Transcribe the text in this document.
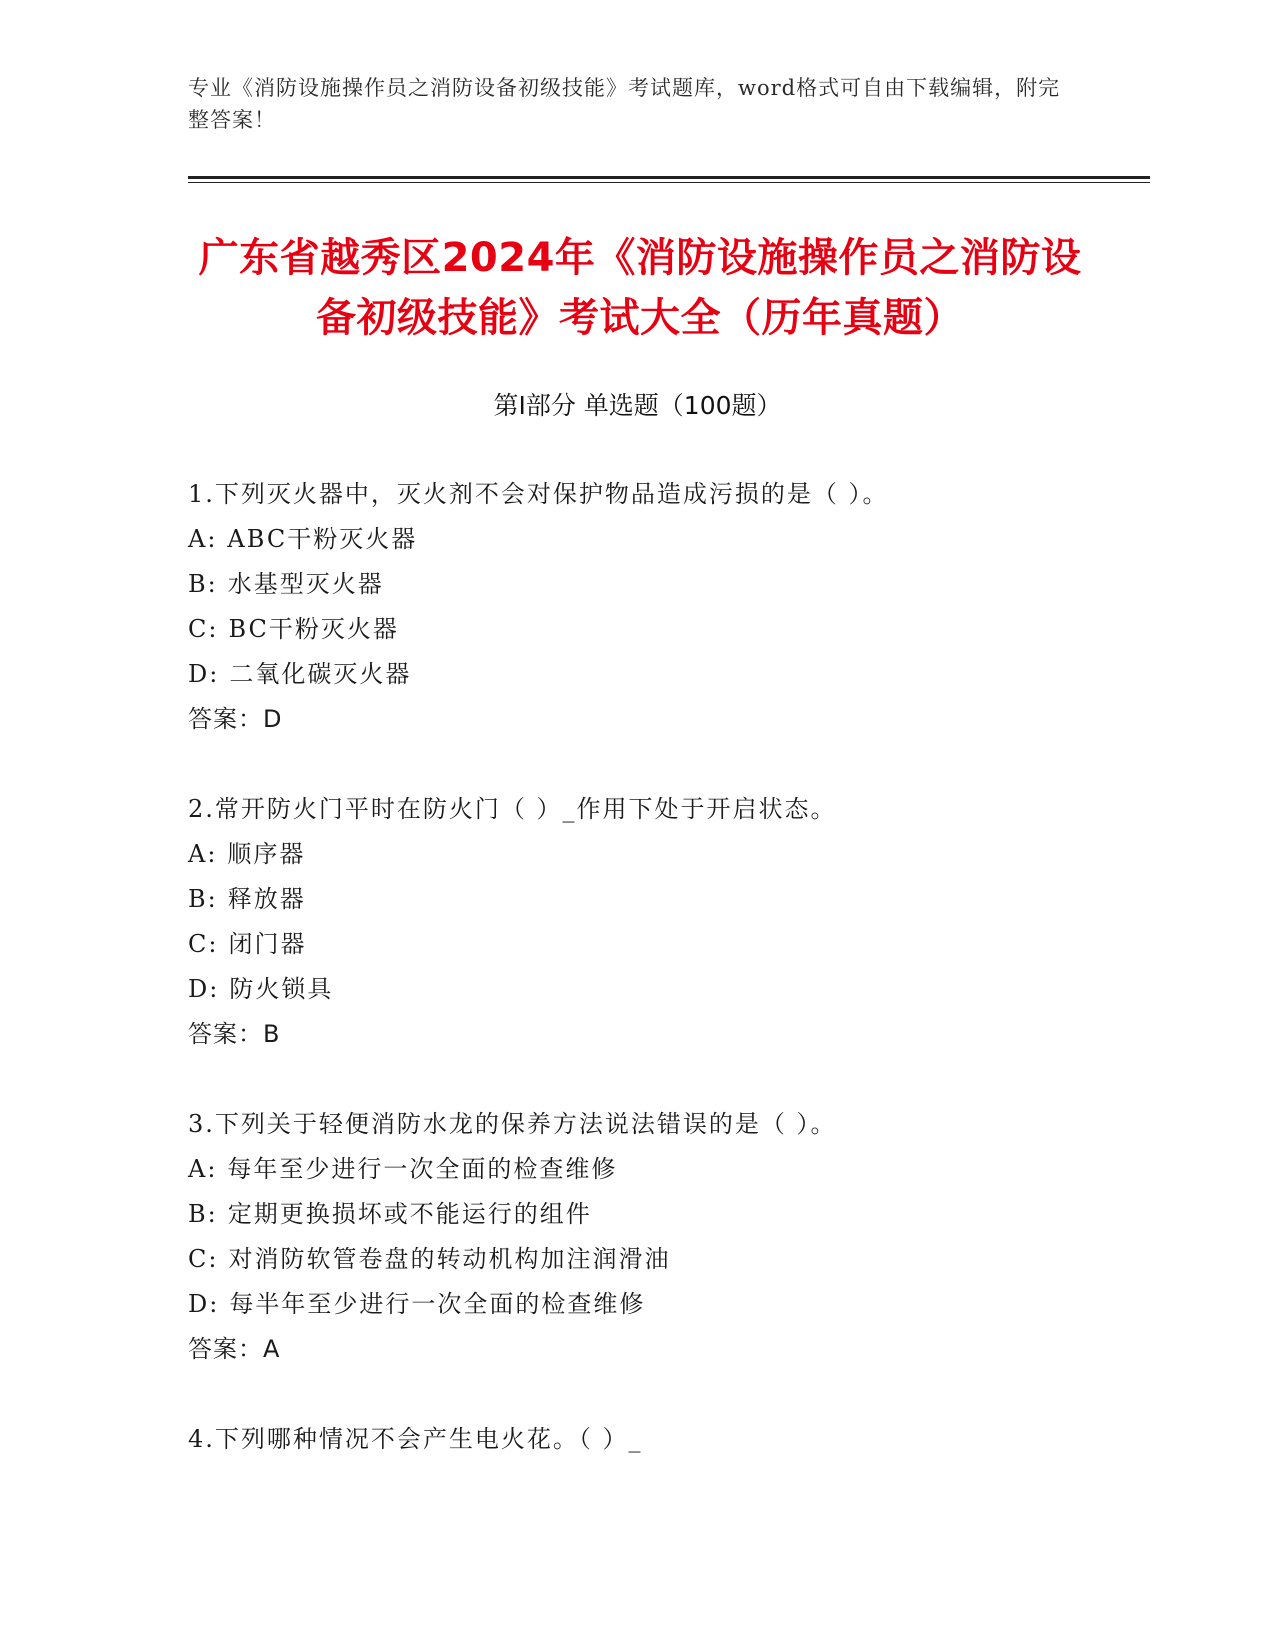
专业《消防设施操作员之消防设备初级技能》考试题库，word格式可自由下载编辑，附完整答案！
广东省越秀区2024年《消防设施操作员之消防设备初级技能》考试大全（历年真题）
第Ⅰ部分 单选题（100题）
1.下列灭火器中，灭火剂不会对保护物品造成污损的是（ ）。
A: ABC干粉灭火器
B: 水基型灭火器
C: BC干粉灭火器
D: 二氧化碳灭火器
答案：D
2.常开防火门平时在防火门（ ）_作用下处于开启状态。
A: 顺序器
B: 释放器
C: 闭门器
D: 防火锁具
答案：B
3.下列关于轻便消防水龙的保养方法说法错误的是（ ）。
A: 每年至少进行一次全面的检查维修
B: 定期更换损坏或不能运行的组件
C: 对消防软管卷盘的转动机构加注润滑油
D: 每半年至少进行一次全面的检查维修
答案：A
4.下列哪种情况不会产生电火花。（ ）_
